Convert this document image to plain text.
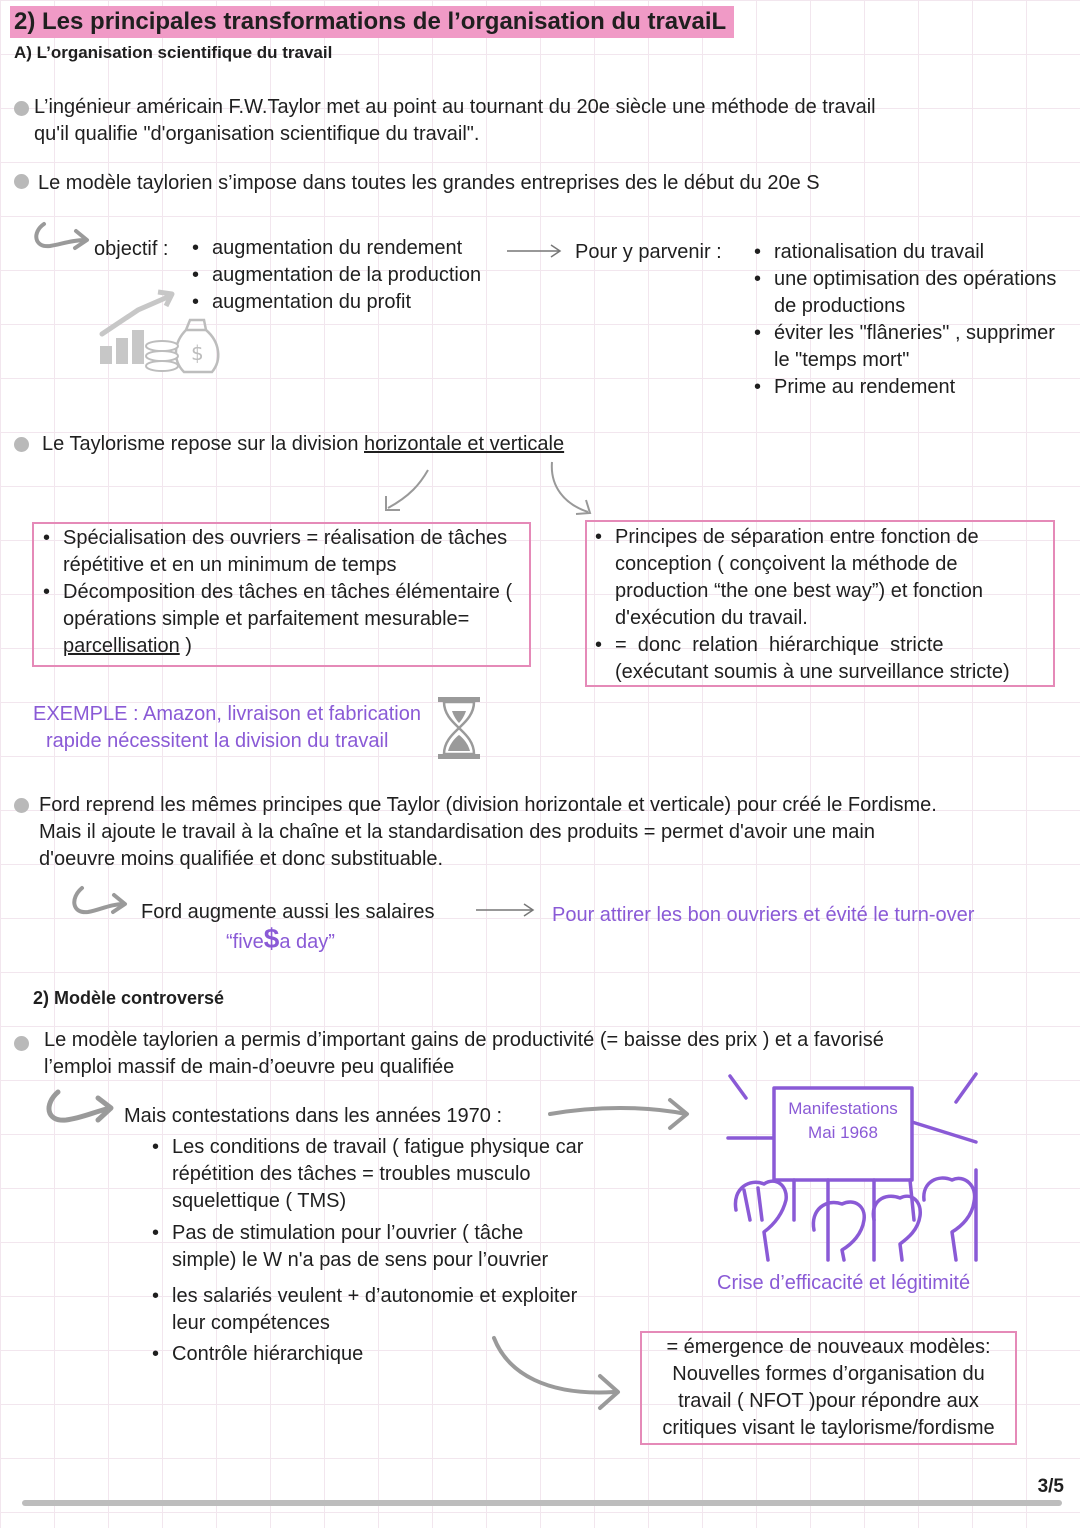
2) Les principales transformations de l’organisation du travaiL
A) L’organisation scientifique du travail
L’ingénieur américain F.W.Taylor met au point au tournant du 20e siècle une méthode de travail
qu'il qualifie "d'organisation scientifique du travail".
Le modèle taylorien s’impose dans toutes les grandes entreprises des le début du 20e S
objectif :	• augmentation du rendement
• augmentation de la production
• augmentation du profit
Pour y parvenir :	• rationalisation du travail
• une optimisation des opérations de productions
• éviter les "flâneries" , supprimer le "temps mort"
• Prime au rendement
$
Le Taylorisme repose sur la division horizontale et verticale
• Spécialisation des ouvriers = réalisation de tâches répétitive et en un minimum de temps
• Décomposition des tâches en tâches élémentaire ( opérations simple et parfaitement mesurable= parcellisation )
• Principes de séparation entre fonction de conception ( conçoivent la méthode de production “the one best way”) et fonction d'exécution du travail.
• =  donc  relation  hiérarchique  stricte
(exécutant soumis à une surveillance stricte)
EXEMPLE : Amazon, livraison et fabrication
rapide nécessitent la division du travail
Ford reprend les mêmes principes que Taylor (division horizontale et verticale) pour créé le Fordisme.
Mais il ajoute le travail à la chaîne et la standardisation des produits = permet d'avoir une main
d'oeuvre moins qualifiée et donc substituable.
Ford augmente aussi les salaires
“five$a day”
Pour attirer les bon ouvriers et évité le turn-over
2) Modèle controversé
Le modèle taylorien a permis d’important gains de productivité (= baisse des prix ) et a favorisé
l’emploi massif de main-d’oeuvre peu qualifiée
Mais contestations dans les années 1970 :
• Les conditions de travail ( fatigue physique car répétition des tâches = troubles musculo squelettique ( TMS)
• Pas de stimulation pour l’ouvrier ( tâche simple) le W n'a pas de sens pour l’ouvrier
• les salariés veulent + d’autonomie et exploiter leur compétences
• Contrôle hiérarchique
Manifestations
Mai 1968
Crise d’efficacité et légitimité
= émergence de nouveaux modèles:
Nouvelles formes d’organisation du
travail ( NFOT )pour répondre aux
critiques visant le taylorisme/fordisme
3/5
